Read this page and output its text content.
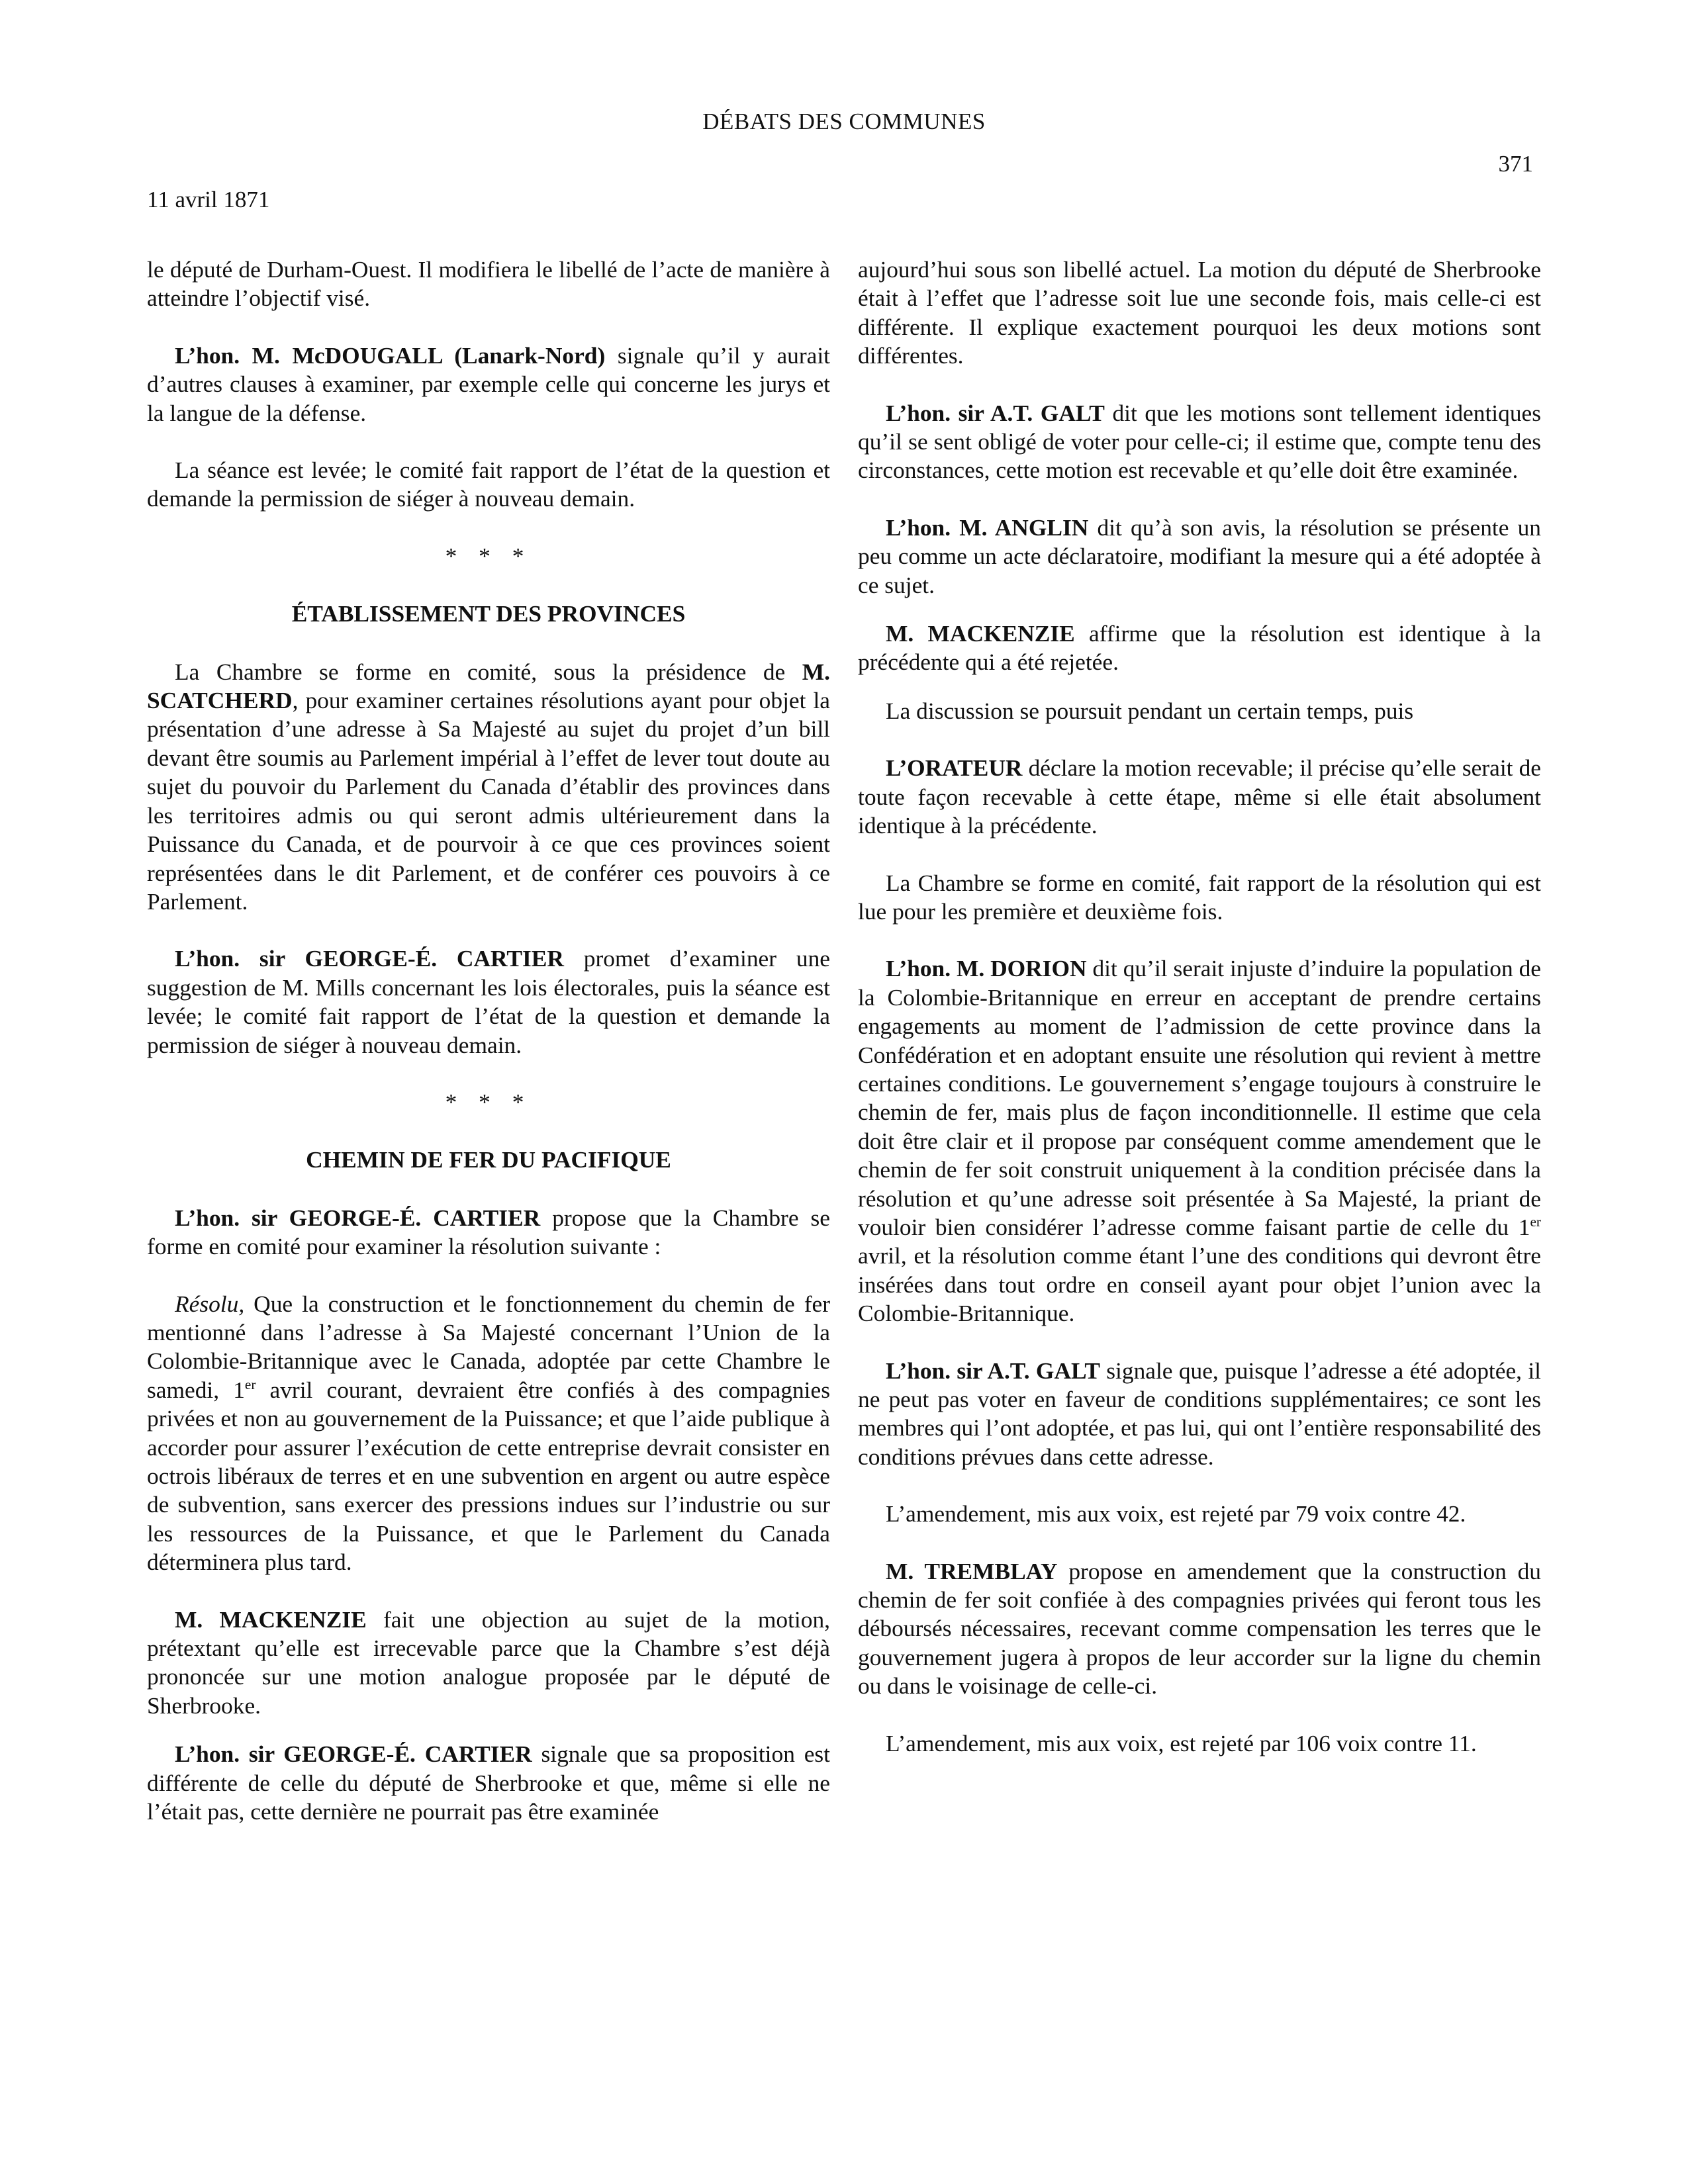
DÉBATS DES COMMUNES
371
11 avril 1871

le député de Durham-Ouest. Il modifiera le libellé de l’acte de manière à atteindre l’objectif visé.

L’hon. M. McDOUGALL (Lanark-Nord) signale qu’il y aurait d’autres clauses à examiner, par exemple celle qui concerne les jurys et la langue de la défense.

La séance est levée; le comité fait rapport de l’état de la question et demande la permission de siéger à nouveau demain.

* * *
ÉTABLISSEMENT DES PROVINCES

La Chambre se forme en comité, sous la présidence de M. SCATCHERD, pour examiner certaines résolutions ayant pour objet la présentation d’une adresse à Sa Majesté au sujet du projet d’un bill devant être soumis au Parlement impérial à l’effet de lever tout doute au sujet du pouvoir du Parlement du Canada d’établir des provinces dans les territoires admis ou qui seront admis ultérieurement dans la Puissance du Canada, et de pourvoir à ce que ces provinces soient représentées dans le dit Parlement, et de conférer ces pouvoirs à ce Parlement.

L’hon. sir GEORGE-É. CARTIER promet d’examiner une suggestion de M. Mills concernant les lois électorales, puis la séance est levée; le comité fait rapport de l’état de la question et demande la permission de siéger à nouveau demain.

* * *
CHEMIN DE FER DU PACIFIQUE

L’hon. sir GEORGE-É. CARTIER propose que la Chambre se forme en comité pour examiner la résolution suivante :

Résolu, Que la construction et le fonctionnement du chemin de fer mentionné dans l’adresse à Sa Majesté concernant l’Union de la Colombie-Britannique avec le Canada, adoptée par cette Chambre le samedi, 1er avril courant, devraient être confiés à des compagnies privées et non au gouvernement de la Puissance; et que l’aide publique à accorder pour assurer l’exécution de cette entreprise devrait consister en octrois libéraux de terres et en une subvention en argent ou autre espèce de subvention, sans exercer des pressions indues sur l’industrie ou sur les ressources de la Puissance, et que le Parlement du Canada déterminera plus tard.

M. MACKENZIE fait une objection au sujet de la motion, prétextant qu’elle est irrecevable parce que la Chambre s’est déjà prononcée sur une motion analogue proposée par le député de Sherbrooke.

L’hon. sir GEORGE-É. CARTIER signale que sa proposition est différente de celle du député de Sherbrooke et que, même si elle ne l’était pas, cette dernière ne pourrait pas être examinée

aujourd’hui sous son libellé actuel. La motion du député de Sherbrooke était à l’effet que l’adresse soit lue une seconde fois, mais celle-ci est différente. Il explique exactement pourquoi les deux motions sont différentes.

L’hon. sir A.T. GALT dit que les motions sont tellement identiques qu’il se sent obligé de voter pour celle-ci; il estime que, compte tenu des circonstances, cette motion est recevable et qu’elle doit être examinée.

L’hon. M. ANGLIN dit qu’à son avis, la résolution se présente un peu comme un acte déclaratoire, modifiant la mesure qui a été adoptée à ce sujet.

M. MACKENZIE affirme que la résolution est identique à la précédente qui a été rejetée.

La discussion se poursuit pendant un certain temps, puis

L’ORATEUR déclare la motion recevable; il précise qu’elle serait de toute façon recevable à cette étape, même si elle était absolument identique à la précédente.

La Chambre se forme en comité, fait rapport de la résolution qui est lue pour les première et deuxième fois.

L’hon. M. DORION dit qu’il serait injuste d’induire la population de la Colombie-Britannique en erreur en acceptant de prendre certains engagements au moment de l’admission de cette province dans la Confédération et en adoptant ensuite une résolution qui revient à mettre certaines conditions. Le gouvernement s’engage toujours à construire le chemin de fer, mais plus de façon inconditionnelle. Il estime que cela doit être clair et il propose par conséquent comme amendement que le chemin de fer soit construit uniquement à la condition précisée dans la résolution et qu’une adresse soit présentée à Sa Majesté, la priant de vouloir bien considérer l’adresse comme faisant partie de celle du 1er avril, et la résolution comme étant l’une des conditions qui devront être insérées dans tout ordre en conseil ayant pour objet l’union avec la Colombie-Britannique.

L’hon. sir A.T. GALT signale que, puisque l’adresse a été adoptée, il ne peut pas voter en faveur de conditions supplémentaires; ce sont les membres qui l’ont adoptée, et pas lui, qui ont l’entière responsabilité des conditions prévues dans cette adresse.

L’amendement, mis aux voix, est rejeté par 79 voix contre 42.

M. TREMBLAY propose en amendement que la construction du chemin de fer soit confiée à des compagnies privées qui feront tous les déboursés nécessaires, recevant comme compensation les terres que le gouvernement jugera à propos de leur accorder sur la ligne du chemin ou dans le voisinage de celle-ci.

L’amendement, mis aux voix, est rejeté par 106 voix contre 11.
